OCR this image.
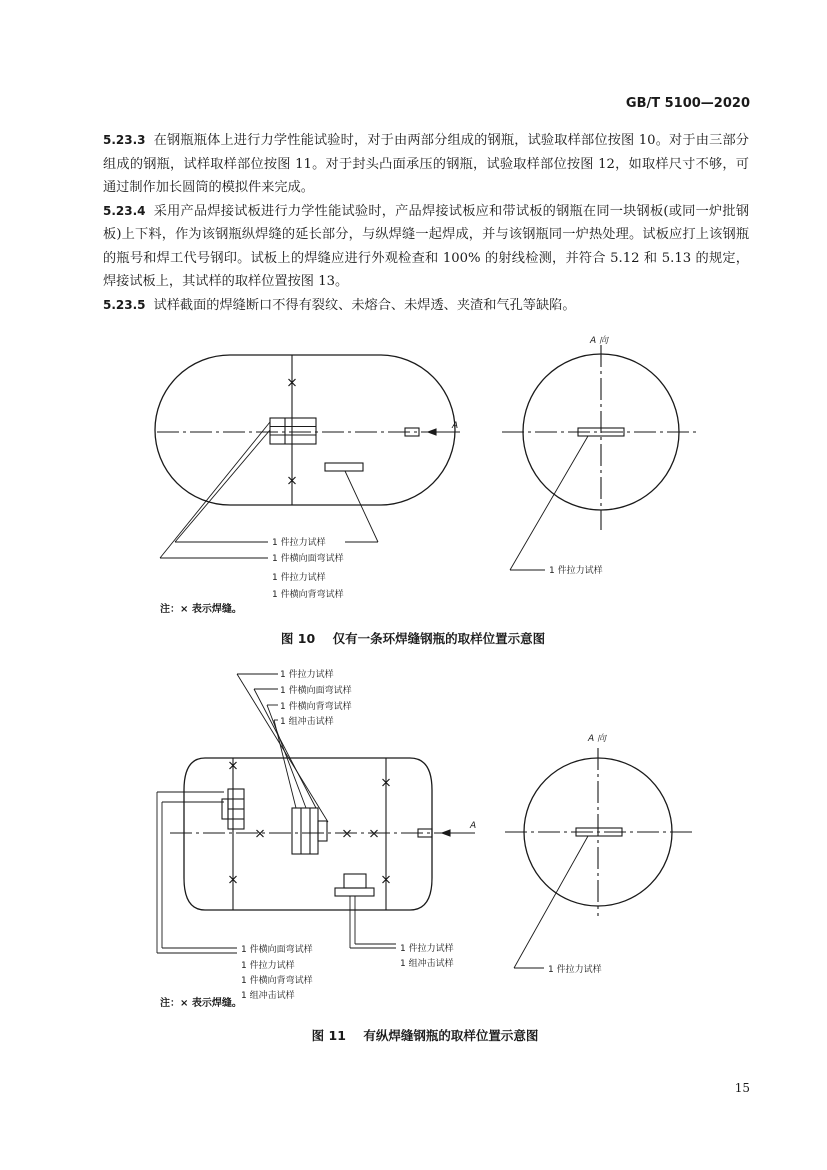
GB/T 5100—2020

5.23.3 在钢瓶瓶体上进行力学性能试验时，对于由两部分组成的钢瓶，试验取样部位按图 10。对于由三部分组成的钢瓶，试样取样部位按图 11。对于封头凸面承压的钢瓶，试验取样部位按图 12，如取样尺寸不够，可通过制作加长圆筒的模拟件来完成。

5.23.4 采用产品焊接试板进行力学性能试验时，产品焊接试板应和带试板的钢瓶在同一块钢板(或同一炉批钢板)上下料，作为该钢瓶纵焊缝的延长部分，与纵焊缝一起焊成，并与该钢瓶同一炉热处理。试板应打上该钢瓶的瓶号和焊工代号钢印。试板上的焊缝应进行外观检查和 100% 的射线检测，并符合 5.12 和 5.13 的规定，焊接试板上，其试样的取样位置按图 13。

5.23.5 试样截面的焊缝断口不得有裂纹、未熔合、未焊透、夹渣和气孔等缺陷。

A
1 件拉力试样
1 件横向面弯试样
1 件拉力试样
1 件横向背弯试样
A 向
1 件拉力试样
注：× 表示焊缝。
图 10    仅有一条环焊缝钢瓶的取样位置示意图
1 件拉力试样
1 件横向面弯试样
1 件横向背弯试样
1 组冲击试样
A
1 件横向面弯试样
1 件拉力试样
1 件横向背弯试样
1 组冲击试样
1 件拉力试样
1 组冲击试样
A 向
1 件拉力试样
注：× 表示焊缝。
图 11    有纵焊缝钢瓶的取样位置示意图
15
